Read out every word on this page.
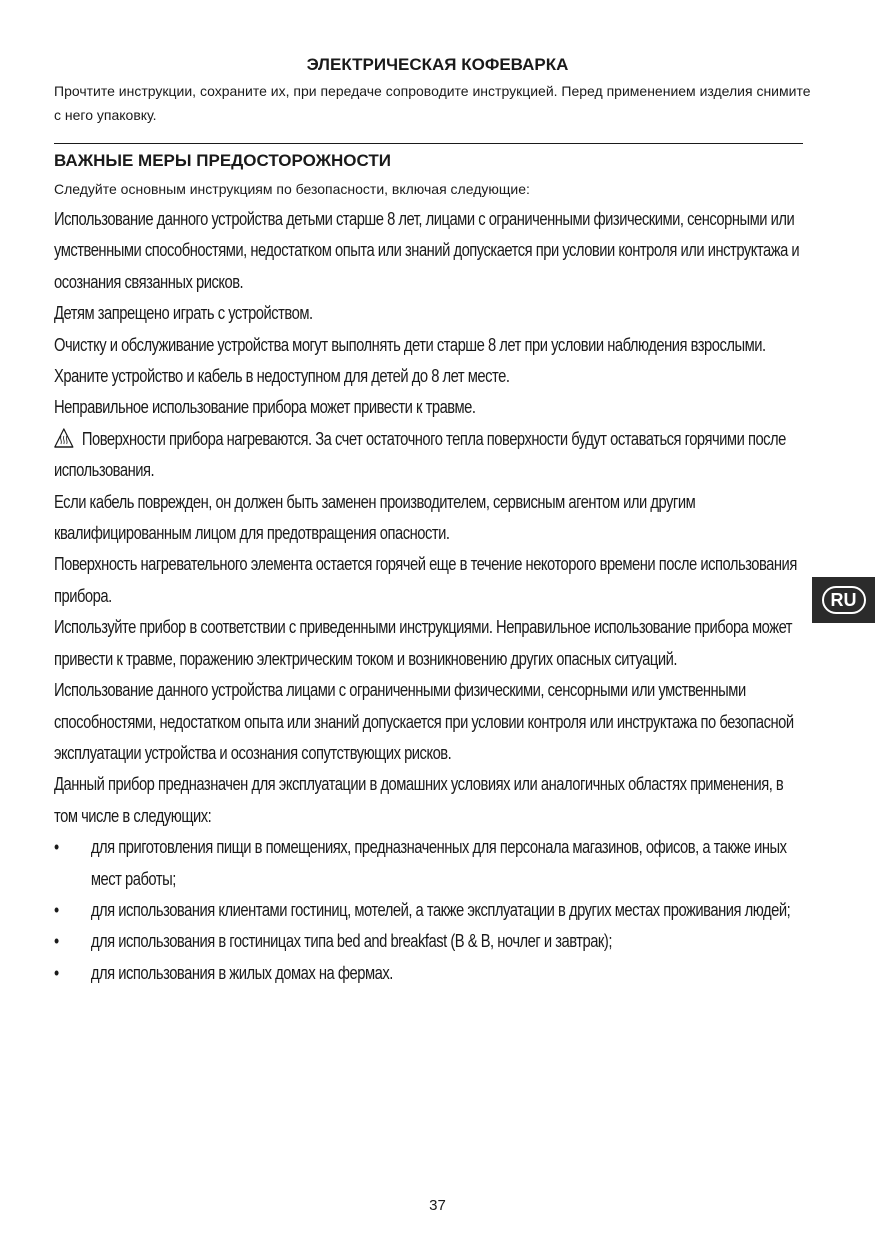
ЭЛЕКТРИЧЕСКАЯ КОФЕВАРКА

Прочтите инструкции, сохраните их, при передаче сопроводите инструкцией. Перед применением изделия снимите с него упаковку.

ВАЖНЫЕ МЕРЫ ПРЕДОСТОРОЖНОСТИ

Следуйте основным инструкциям по безопасности, включая следующие:

Использование данного устройства детьми старше 8 лет, лицами с ограниченными физическими, сенсорными или умственными способностями, недостатком опыта или знаний допускается при условии контроля или инструктажа и осознания связанных рисков.

Детям запрещено играть с устройством.

Очистку и обслуживание устройства могут выполнять дети старше 8 лет при условии наблюдения взрослыми.

Храните устройство и кабель в недоступном для детей до 8 лет месте.

Неправильное использование прибора может привести к травме.

Поверхности прибора нагреваются. За счет остаточного тепла поверхности будут оставаться горячими после использования.

Если кабель поврежден, он должен быть заменен производителем, сервисным агентом или другим квалифицированным лицом для предотвращения опасности.

Поверхность нагревательного элемента остается горячей еще в течение некоторого времени после использования прибора.

Используйте прибор в соответствии с приведенными инструкциями. Неправильное использование прибора может привести к травме, поражению электрическим током и возникновению других опасных ситуаций.

Использование данного устройства лицами с ограниченными физическими, сенсорными или умственными способностями, недостатком опыта или знаний допускается при условии контроля или инструктажа по безопасной эксплуатации устройства и осознания сопутствующих рисков.

Данный прибор предназначен для эксплуатации в домашних условиях или аналогичных областях применения, в том числе в следующих:

•	для приготовления пищи в помещениях, предназначенных для персонала магазинов, офисов, а также иных мест работы;
•	для использования клиентами гостиниц, мотелей, а также эксплуатации в других местах проживания людей;
•	для использования в гостиницах типа bed and breakfast (B & B, ночлег и завтрак);
•	для использования в жилых домах на фермах.
RU

37
